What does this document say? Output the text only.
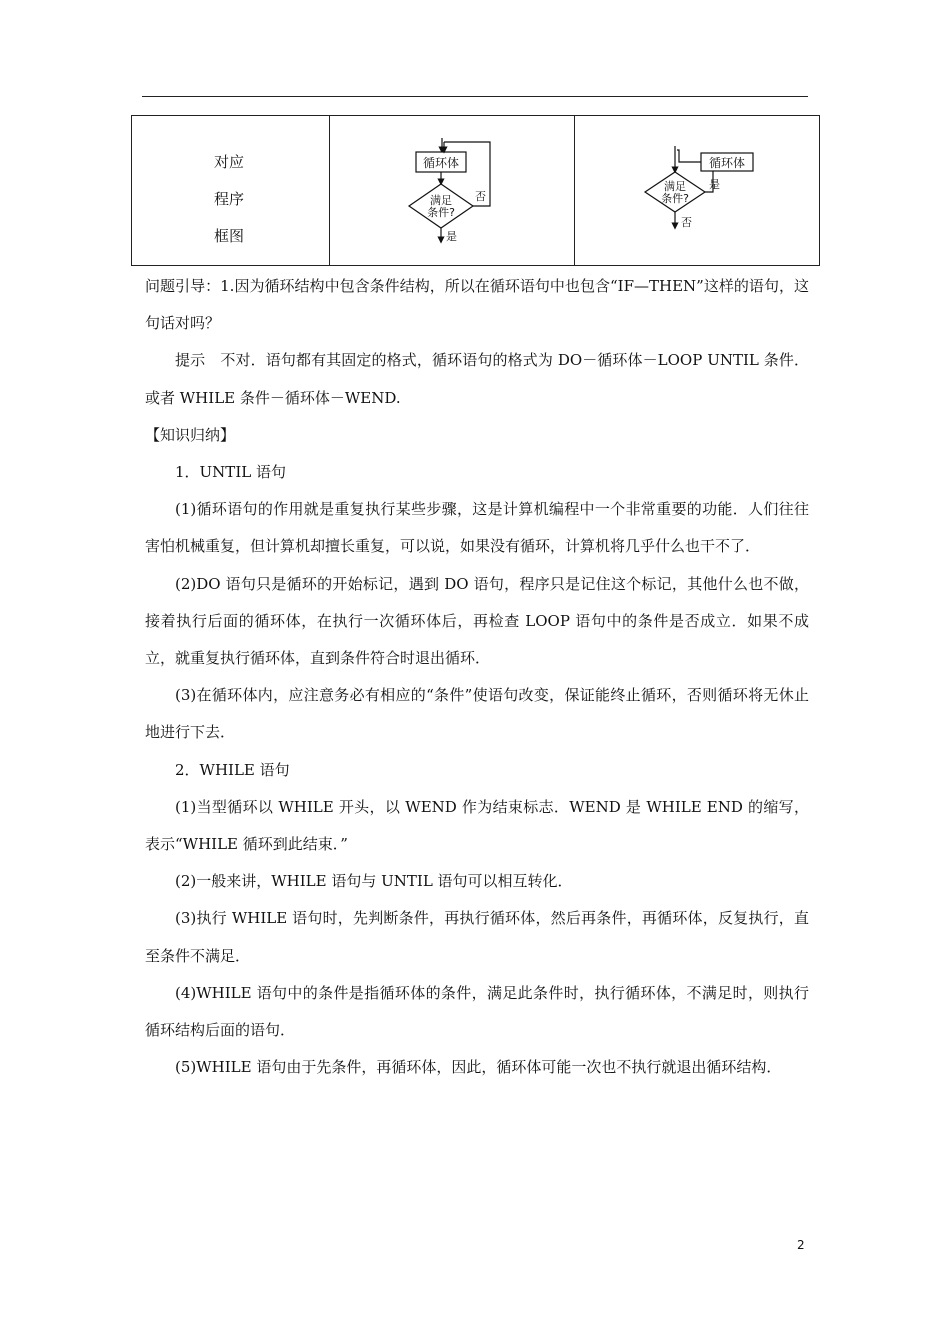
对应
程序
框图
循环体
满足
条件?
否
是
满足
条件?
循环体
是
否

问题引导：1.因为循环结构中包含条件结构，所以在循环语句中也包含“IF—THEN”这样的语句，这句话对吗？

提示　不对．语句都有其固定的格式，循环语句的格式为 DO－循环体－LOOP UNTIL 条件．或者 WHILE 条件－循环体－WEND.

【知识归纳】

1．UNTIL 语句

(1)循环语句的作用就是重复执行某些步骤，这是计算机编程中一个非常重要的功能．人们往往害怕机械重复，但计算机却擅长重复，可以说，如果没有循环，计算机将几乎什么也干不了．

(2)DO 语句只是循环的开始标记，遇到 DO 语句，程序只是记住这个标记，其他什么也不做，接着执行后面的循环体，在执行一次循环体后，再检查 LOOP 语句中的条件是否成立．如果不成立，就重复执行循环体，直到条件符合时退出循环．

(3)在循环体内，应注意务必有相应的“条件”使语句改变，保证能终止循环，否则循环将无休止地进行下去．

2．WHILE 语句

(1)当型循环以 WHILE 开头，以 WEND 作为结束标志．WEND 是 WHILE END 的缩写，表示“WHILE 循环到此结束．”

(2)一般来讲，WHILE 语句与 UNTIL 语句可以相互转化．

(3)执行 WHILE 语句时，先判断条件，再执行循环体，然后再条件，再循环体，反复执行，直至条件不满足．

(4)WHILE 语句中的条件是指循环体的条件，满足此条件时，执行循环体，不满足时，则执行循环结构后面的语句．

(5)WHILE 语句由于先条件，再循环体，因此，循环体可能一次也不执行就退出循环结构．

2
